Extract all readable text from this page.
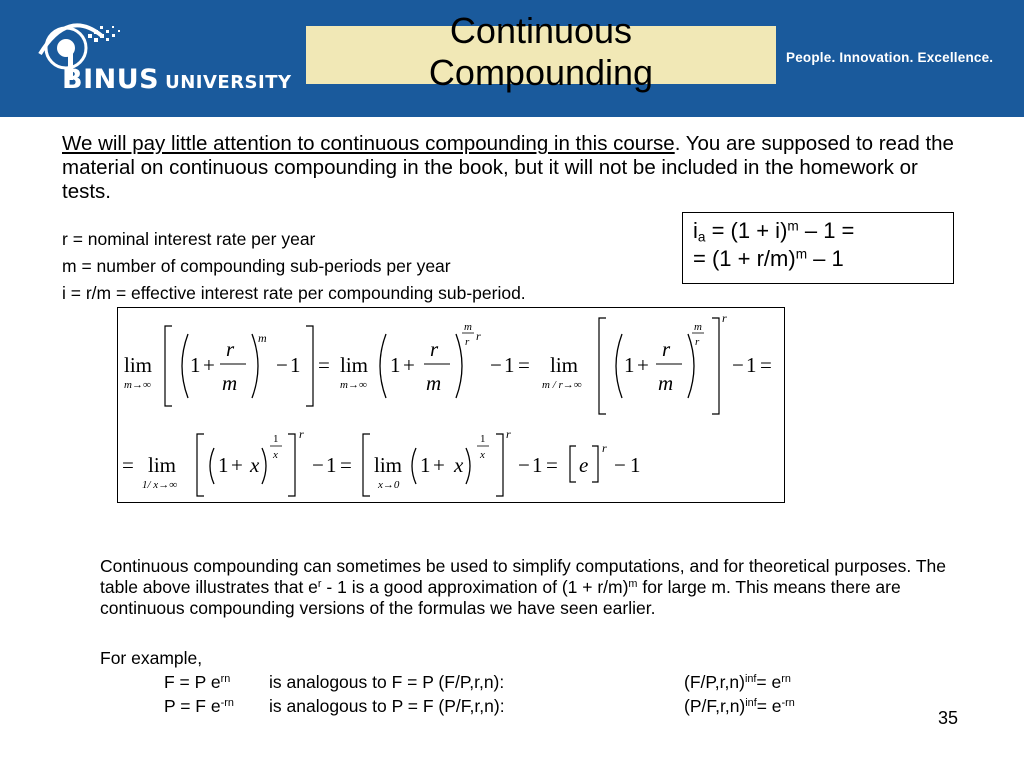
BINUS UNIVERSITY
Continuous
Compounding	People. Innovation. Excellence.
We will pay little attention to continuous compounding in this course. You are supposed to read the material on continuous compounding in the book, but it will not be included in the homework or tests.
r = nominal interest rate per year
m = number of compounding sub-periods per year
i = r/m = effective interest rate per compounding sub-period.
$i_a = (1 + i)^m - 1$ =
= $(1 + r/m)^m - 1$
lim
m→∞
1 +
r
m
m
− 1 = lim
m→∞
1 +
r
m
m
r r
− 1 = lim
m / r→∞
1 +
r
m
m
r
r
− 1 =
= lim
1/ x→∞
1 + x
1
x
r
− 1 = lim
x→0
1 + x
1
x
r
− 1 = e
r
− 1
Continuous compounding can sometimes be used to simplify computations, and for theoretical purposes. The table above illustrates that $e^r - 1$ is a good approximation of $(1 + r/m)^m$ for large m. This means there are continuous compounding versions of the formulas we have seen earlier.
For example,
F = P $e^{rn}$ is analogous to F = P (F/P,r,n):	$(F/P,r,n)^{inf}= e^{rn}$
P = F $e^{-rn}$ is analogous to P = F (P/F,r,n):	$(P/F,r,n)^{inf}= e^{-rn}$
35
